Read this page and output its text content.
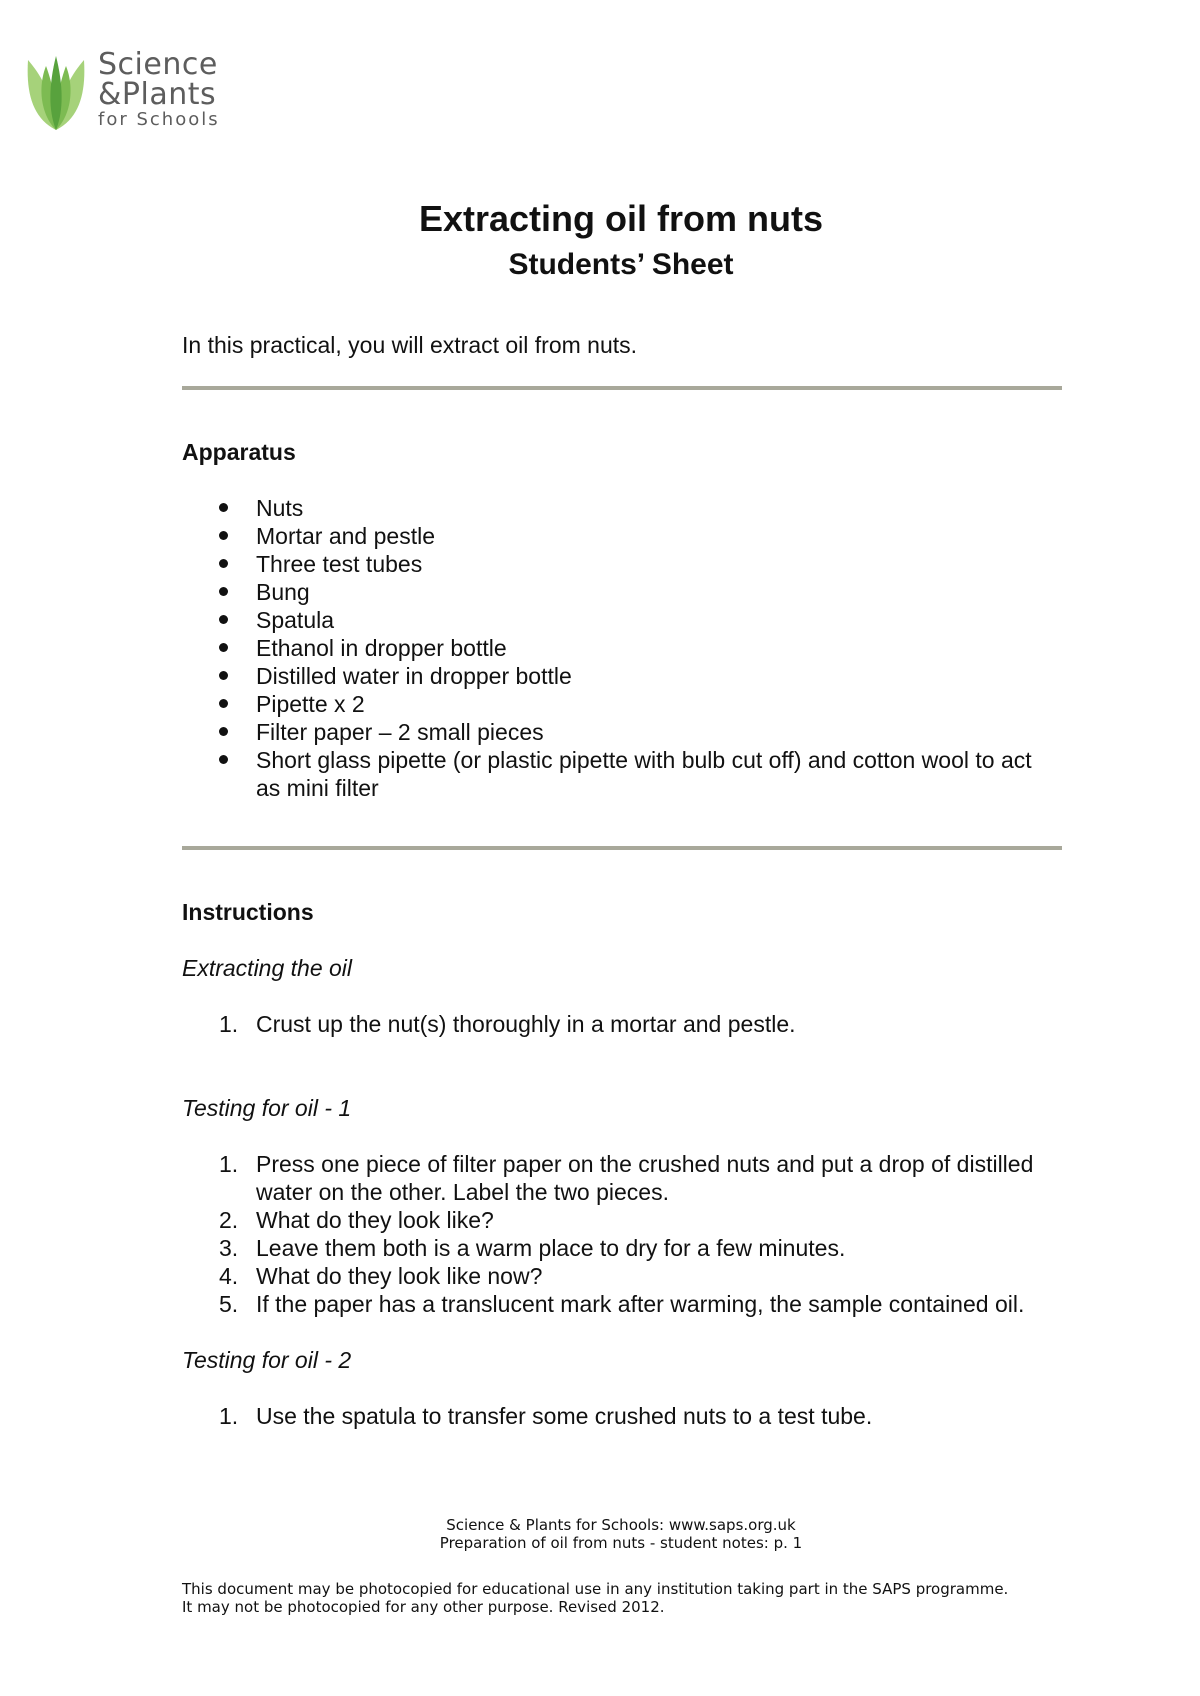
Science
&Plants
for Schools
Extracting oil from nuts
Students’ Sheet

In this practical, you will extract oil from nuts.

Apparatus
Nuts
Mortar and pestle
Three test tubes
Bung
Spatula
Ethanol in dropper bottle
Distilled water in dropper bottle
Pipette x 2
Filter paper – 2 small pieces
Short glass pipette (or plastic pipette with bulb cut off) and cotton wool to act as mini filter
Instructions

Extracting the oil

1. Crust up the nut(s) thoroughly in a mortar and pestle.

Testing for oil - 1

1. Press one piece of filter paper on the crushed nuts and put a drop of distilled water on the other. Label the two pieces.
2. What do they look like?
3. Leave them both is a warm place to dry for a few minutes.
4. What do they look like now?
5. If the paper has a translucent mark after warming, the sample contained oil.

Testing for oil - 2

1. Use the spatula to transfer some crushed nuts to a test tube.
Science & Plants for Schools: www.saps.org.uk
Preparation of oil from nuts - student notes: p. 1
This document may be photocopied for educational use in any institution taking part in the SAPS programme.
It may not be photocopied for any other purpose. Revised 2012.
